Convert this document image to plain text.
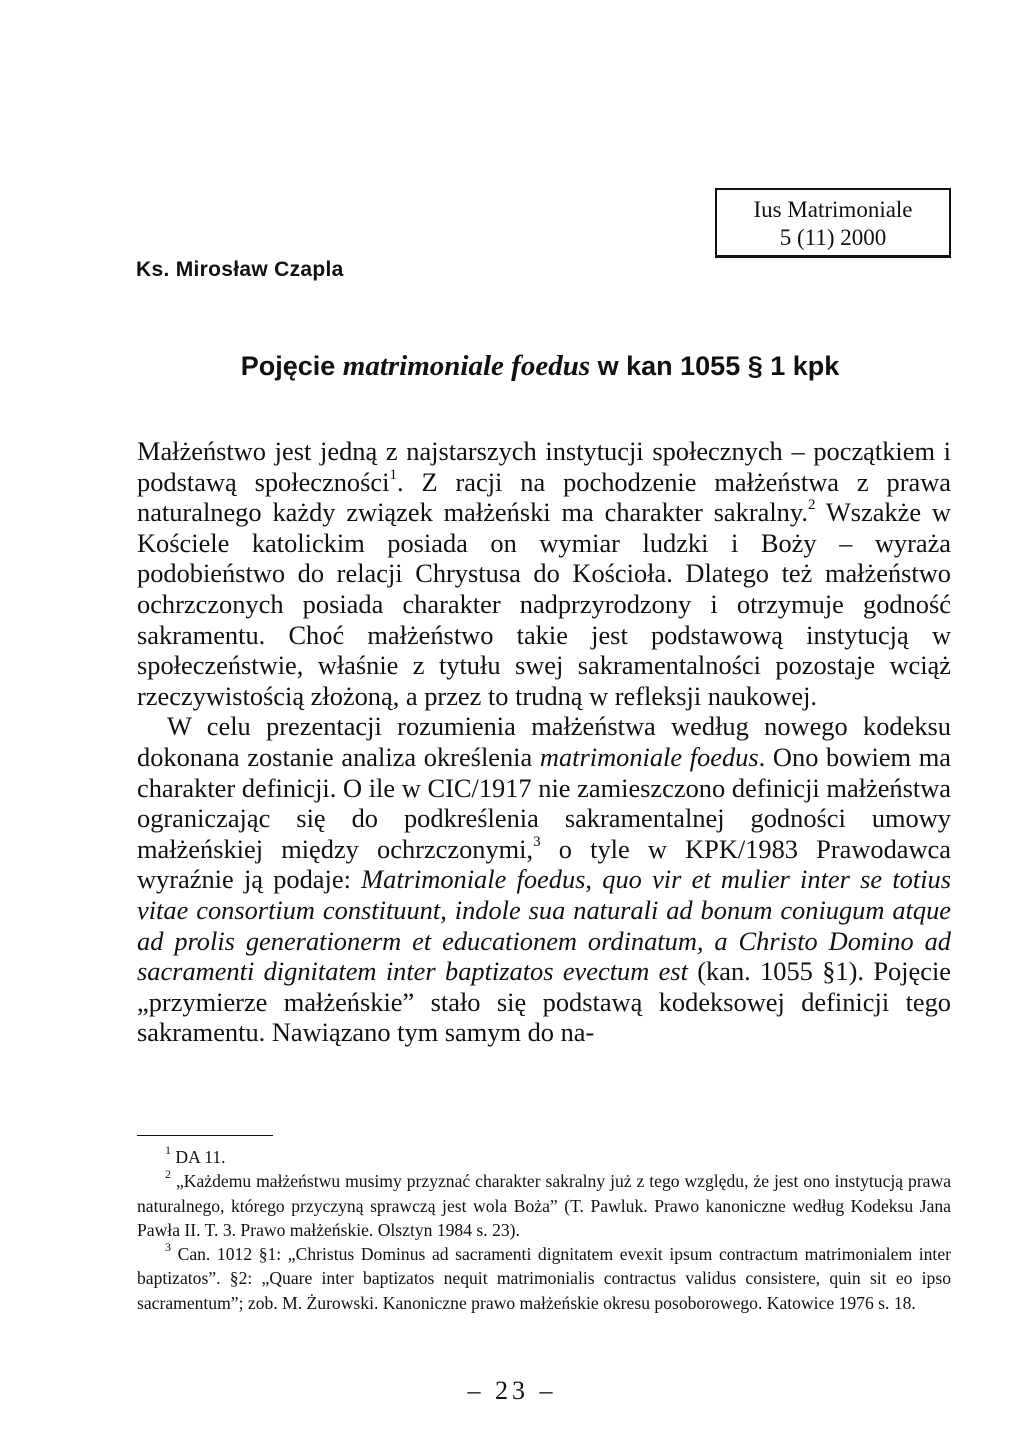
Ius Matrimoniale
5 (11) 2000
Ks. Mirosław Czapla
Pojęcie matrimoniale foedus w kan 1055 § 1 kpk

Małżeństwo jest jedną z najstarszych instytucji społecznych – początkiem i podstawą społeczności$^1$. Z racji na pochodzenie małżeństwa z prawa naturalnego każdy związek małżeński ma charakter sakralny.$^2$ Wszakże w Kościele katolickim posiada on wymiar ludzki i Boży – wyraża podobieństwo do relacji Chrystusa do Kościoła. Dlatego też małżeństwo ochrzczonych posiada charakter nadprzyrodzony i otrzymuje godność sakramentu. Choć małżeństwo takie jest podstawową instytucją w społeczeństwie, właśnie z tytułu swej sakramentalności pozostaje wciąż rzeczywistością złożoną, a przez to trudną w refleksji naukowej.

W celu prezentacji rozumienia małżeństwa według nowego kodeksu dokonana zostanie analiza określenia matrimoniale foedus. Ono bowiem ma charakter definicji. O ile w CIC/1917 nie zamieszczono definicji małżeństwa ograniczając się do podkreślenia sakramentalnej godności umowy małżeńskiej między ochrzczonymi,$^3$ o tyle w KPK/1983 Prawodawca wyraźnie ją podaje: Matrimoniale foedus, quo vir et mulier inter se totius vitae consortium constituunt, indole sua naturali ad bonum coniugum atque ad prolis generationerm et educationem ordinatum, a Christo Domino ad sacramenti dignitatem inter baptizatos evectum est (kan. 1055 §1). Pojęcie „przymierze małżeńskie” stało się podstawą kodeksowej definicji tego sakramentu. Nawiązano tym samym do na-

$^1$ DA 11.

$^2$ „Każdemu małżeństwu musimy przyznać charakter sakralny już z tego względu, że jest ono instytucją prawa naturalnego, którego przyczyną sprawczą jest wola Boża” (T. Pawluk. Prawo kanoniczne według Kodeksu Jana Pawła II. T. 3. Prawo małżeńskie. Olsztyn 1984 s. 23).

$^3$ Can. 1012 §1: „Christus Dominus ad sacramenti dignitatem evexit ipsum contractum matrimonialem inter baptizatos”. §2: „Quare inter baptizatos nequit matrimonialis contractus validus consistere, quin sit eo ipso sacramentum”; zob. M. Żurowski. Kanoniczne prawo małżeńskie okresu posoborowego. Katowice 1976 s. 18.

– 23 –
